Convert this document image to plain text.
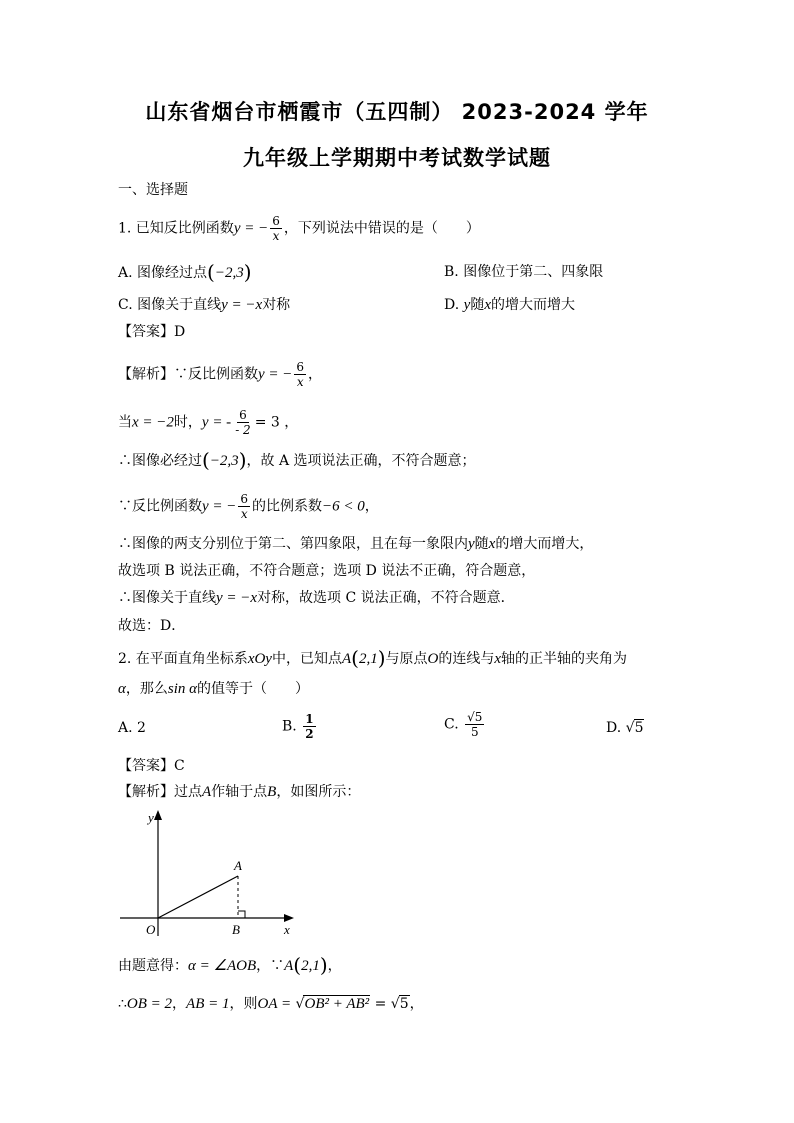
山东省烟台市栖霞市（五四制） 2023-2024 学年
九年级上学期期中考试数学试题
一、选择题
1. 已知反比例函数y = − $\frac{6}{x}$ ，下列说法中错误的是（　　）
A. 图像经过点(−2,3)	B. 图像位于第二、四象限
C. 图像关于直线y = −x对称	D. y随x的增大而增大
【答案】D
【解析】∵反比例函数y = − $\frac{6}{x}$ ，
当x = −2时，y = - $\frac{6}{- 2} = 3$ ，
∴图像必经过(−2,3)，故 A 选项说法正确，不符合题意；
∵反比例函数y = − $\frac{6}{x}$ 的比例系数−6 < 0，
∴图像的两支分别位于第二、第四象限，且在每一象限内y随x的增大而增大，
故选项 B 说法正确，不符合题意；选项 D 说法不正确，符合题意，
∴图像关于直线y = −x对称，故选项 C 说法正确，不符合题意．
故选：D．
2. 在平面直角坐标系xOy中，已知点A(2,1)与原点O的连线与x轴的正半轴的夹角为
α，那么sin α的值等于（　　）
A. 2	B. $\frac{1}{2}$	C. $\frac{√5}{5}$	D. √5
【答案】C
【解析】过点A作轴于点B，如图所示：
y
x
O
A
B
由题意得：α = ∠AOB，∵A(2,1)，
∴OB = 2，AB = 1，则OA = √OB² + AB² = √5，
